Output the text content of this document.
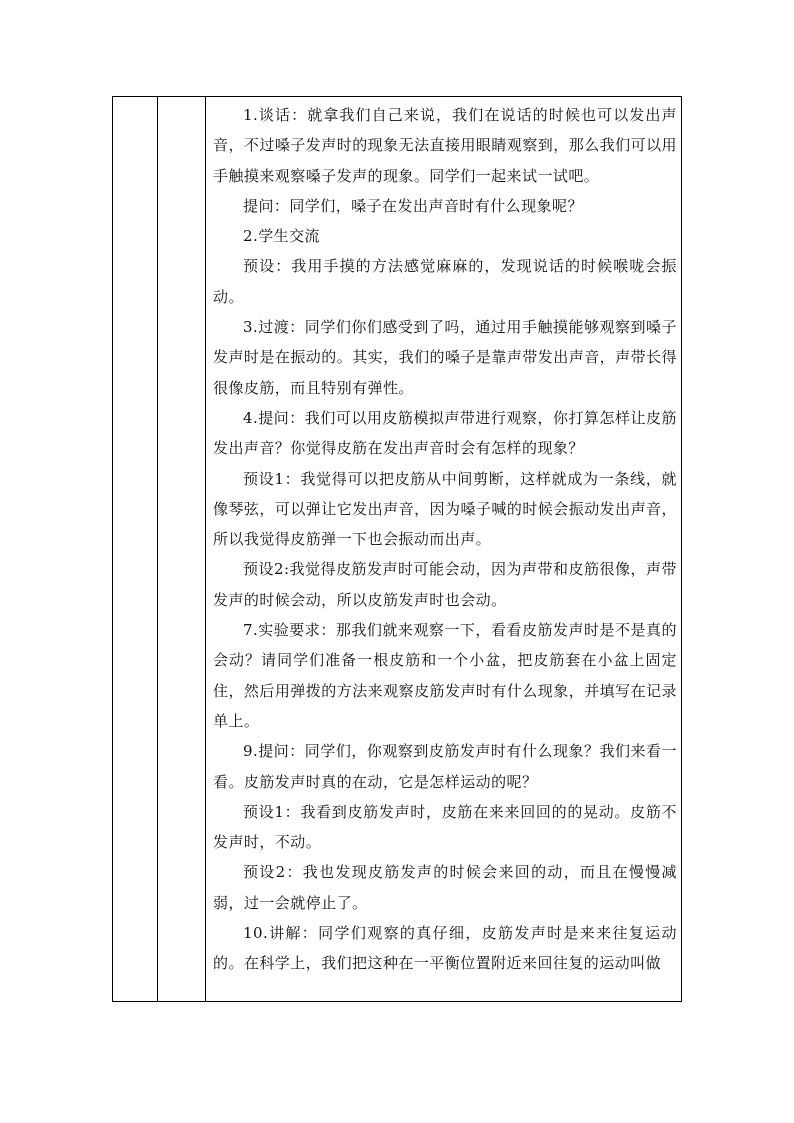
1.谈话：就拿我们自己来说，我们在说话的时候也可以发出声音，不过嗓子发声时的现象无法直接用眼睛观察到，那么我们可以用手触摸来观察嗓子发声的现象。同学们一起来试一试吧。

提问：同学们，嗓子在发出声音时有什么现象呢？

2.学生交流

预设：我用手摸的方法感觉麻麻的，发现说话的时候喉咙会振动。

3.过渡：同学们你们感受到了吗，通过用手触摸能够观察到嗓子发声时是在振动的。其实，我们的嗓子是靠声带发出声音，声带长得很像皮筋，而且特别有弹性。

4.提问：我们可以用皮筋模拟声带进行观察，你打算怎样让皮筋发出声音？你觉得皮筋在发出声音时会有怎样的现象？

预设1：我觉得可以把皮筋从中间剪断，这样就成为一条线，就像琴弦，可以弹让它发出声音，因为嗓子喊的时候会振动发出声音，所以我觉得皮筋弹一下也会振动而出声。

预设2:我觉得皮筋发声时可能会动，因为声带和皮筋很像，声带发声的时候会动，所以皮筋发声时也会动。

7.实验要求：那我们就来观察一下，看看皮筋发声时是不是真的会动？请同学们准备一根皮筋和一个小盆，把皮筋套在小盆上固定住，然后用弹拨的方法来观察皮筋发声时有什么现象，并填写在记录单上。

9.提问：同学们，你观察到皮筋发声时有什么现象？我们来看一看。皮筋发声时真的在动，它是怎样运动的呢？

预设1：我看到皮筋发声时，皮筋在来来回回的的晃动。皮筋不发声时，不动。

预设2：我也发现皮筋发声的时候会来回的动，而且在慢慢减弱，过一会就停止了。

10.讲解：同学们观察的真仔细，皮筋发声时是来来往复运动的。在科学上，我们把这种在一平衡位置附近来回往复的运动叫做
